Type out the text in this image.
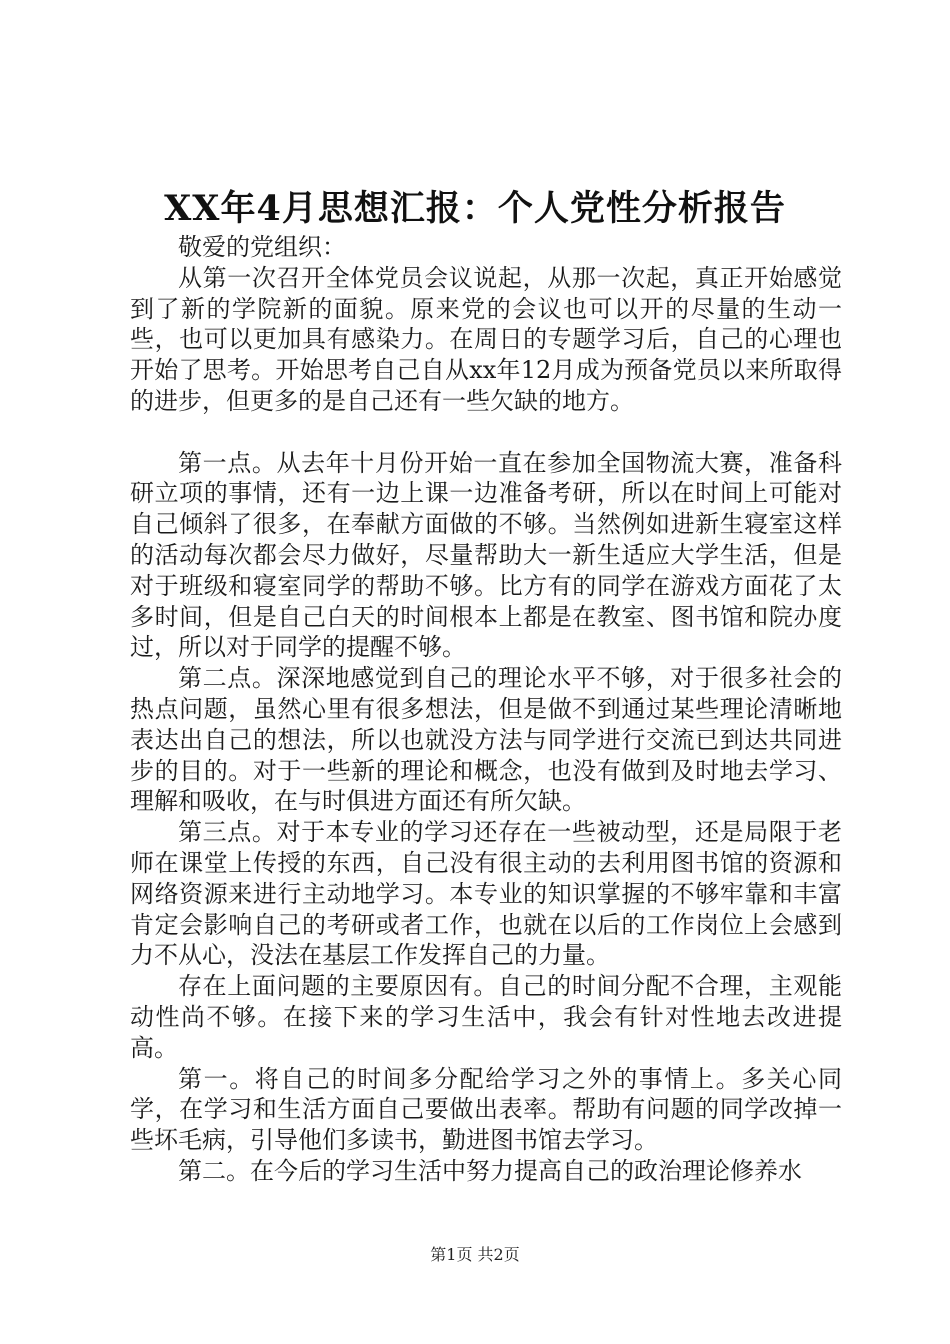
XX年4月思想汇报：个人党性分析报告

敬爱的党组织：

从第一次召开全体党员会议说起，从那一次起，真正开始感觉到了新的学院新的面貌。原来党的会议也可以开的尽量的生动一些，也可以更加具有感染力。在周日的专题学习后，自己的心理也开始了思考。开始思考自己自从xx年12月成为预备党员以来所取得的进步，但更多的是自己还有一些欠缺的地方。

第一点。从去年十月份开始一直在参加全国物流大赛，准备科研立项的事情，还有一边上课一边准备考研，所以在时间上可能对自己倾斜了很多，在奉献方面做的不够。当然例如进新生寝室这样的活动每次都会尽力做好，尽量帮助大一新生适应大学生活，但是对于班级和寝室同学的帮助不够。比方有的同学在游戏方面花了太多时间，但是自己白天的时间根本上都是在教室、图书馆和院办度过，所以对于同学的提醒不够。

第二点。深深地感觉到自己的理论水平不够，对于很多社会的热点问题，虽然心里有很多想法，但是做不到通过某些理论清晰地表达出自己的想法，所以也就没方法与同学进行交流已到达共同进步的目的。对于一些新的理论和概念，也没有做到及时地去学习、理解和吸收，在与时俱进方面还有所欠缺。

第三点。对于本专业的学习还存在一些被动型，还是局限于老师在课堂上传授的东西，自己没有很主动的去利用图书馆的资源和网络资源来进行主动地学习。本专业的知识掌握的不够牢靠和丰富肯定会影响自己的考研或者工作，也就在以后的工作岗位上会感到力不从心，没法在基层工作发挥自己的力量。

存在上面问题的主要原因有。自己的时间分配不合理，主观能动性尚不够。在接下来的学习生活中，我会有针对性地去改进提高。

第一。将自己的时间多分配给学习之外的事情上。多关心同学，在学习和生活方面自己要做出表率。帮助有问题的同学改掉一些坏毛病，引导他们多读书，勤进图书馆去学习。

第二。在今后的学习生活中努力提高自己的政治理论修养水

第1页 共2页
